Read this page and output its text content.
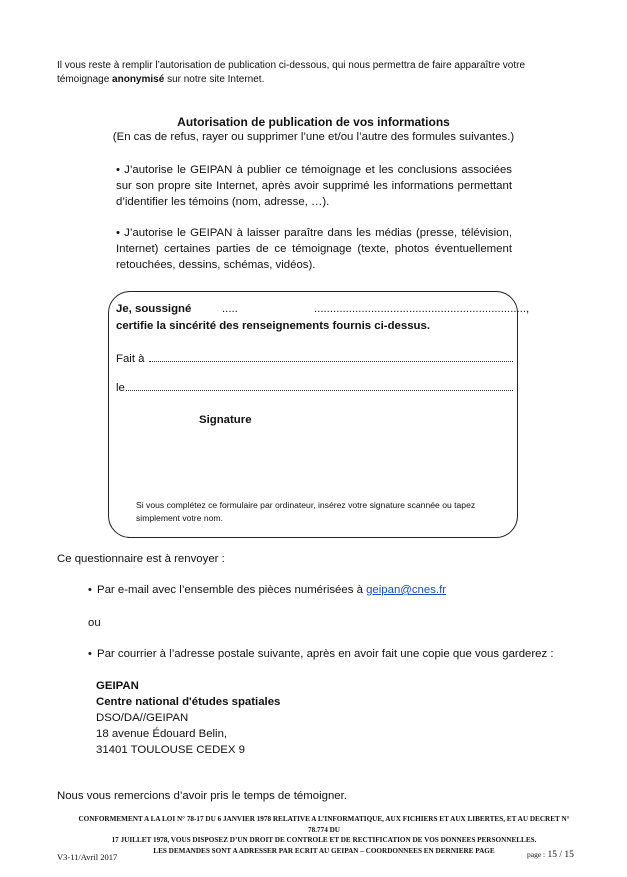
Il vous reste à remplir l’autorisation de publication ci-dessous, qui nous permettra de faire apparaître votre témoignage anonymisé sur notre site Internet.
Autorisation de publication de vos informations
(En cas de refus, rayer ou supprimer l’une et/ou l’autre des formules suivantes.)
• J’autorise le GEIPAN à publier ce témoignage et les conclusions associées sur son propre site Internet, après avoir supprimé les informations permettant d’identifier les témoins (nom, adresse, …).
• J’autorise le GEIPAN à laisser paraître dans les médias (presse, télévision, Internet) certaines parties de ce témoignage (texte, photos éventuellement retouchées, dessins, schémas, vidéos).
Je, soussigné	.....	...................................................................,
certifie la sincérité des renseignements fournis ci-dessus.
Fait à
le
Signature
Si vous complétez ce formulaire par ordinateur, insérez votre signature scannée ou tapez simplement votre nom.
Ce questionnaire est à renvoyer :
• Par e-mail avec l’ensemble des pièces numérisées à geipan@cnes.fr
ou
• Par courrier à l’adresse postale suivante, après en avoir fait une copie que vous garderez :
GEIPAN
Centre national d'études spatiales
DSO/DA//GEIPAN
18 avenue Édouard Belin,
31401 TOULOUSE CEDEX 9
Nous vous remercions d’avoir pris le temps de témoigner.
CONFORMEMENT A LA LOI N° 78-17 DU 6 JANVIER 1978 RELATIVE A L’INFORMATIQUE, AUX FICHIERS ET AUX LIBERTES, ET AU DECRET N° 78.774 DU
17 JUILLET 1978, VOUS DISPOSEZ D’UN DROIT DE CONTROLE ET DE RECTIFICATION DE VOS DONNEES PERSONNELLES.
LES DEMANDES SONT A ADRESSER PAR ECRIT AU GEIPAN – COORDONNEES EN DERNIERE PAGE
V3-11/Avril 2017	page : 15 / 15
